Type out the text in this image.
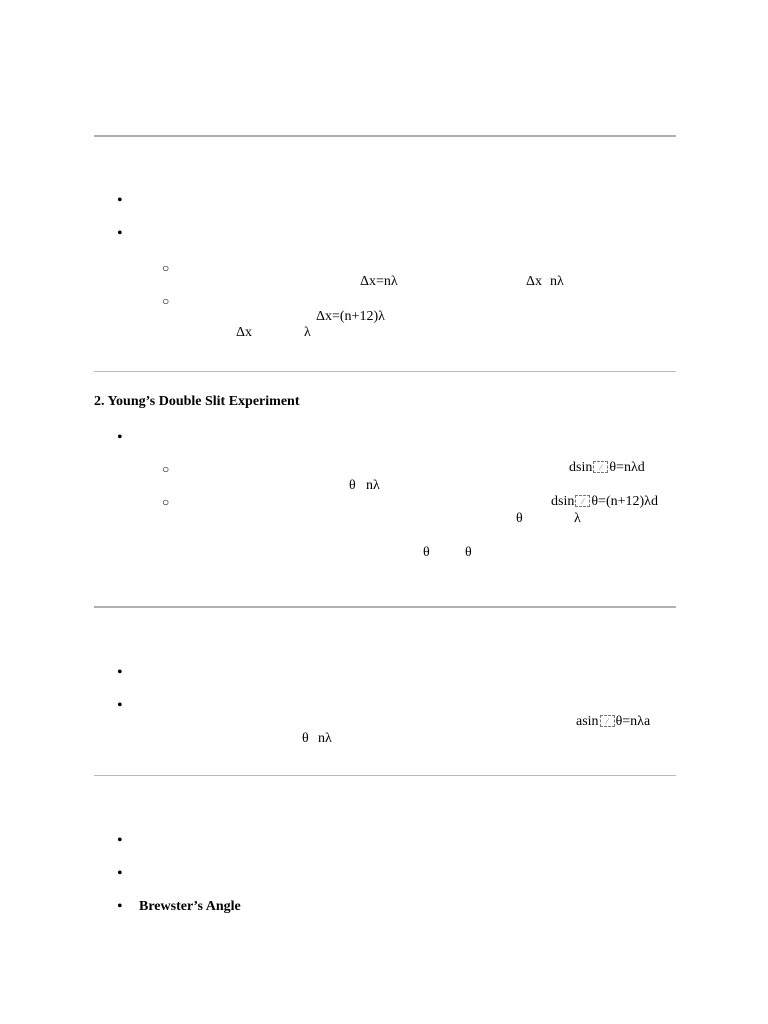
•
•
○
Δx=nλ	Δx nλ
○
Δx=(n+12)λ
Δx	λ
2. Young’s Double Slit Experiment
•
○	dsin ⁄ θ=nλd
θ nλ
○	dsin ⁄ θ=(n+12)λd
θ	λ
θ	θ
•
•
asin ⁄ θ=nλa
θ nλ
•
•
• Brewster’s Angle
